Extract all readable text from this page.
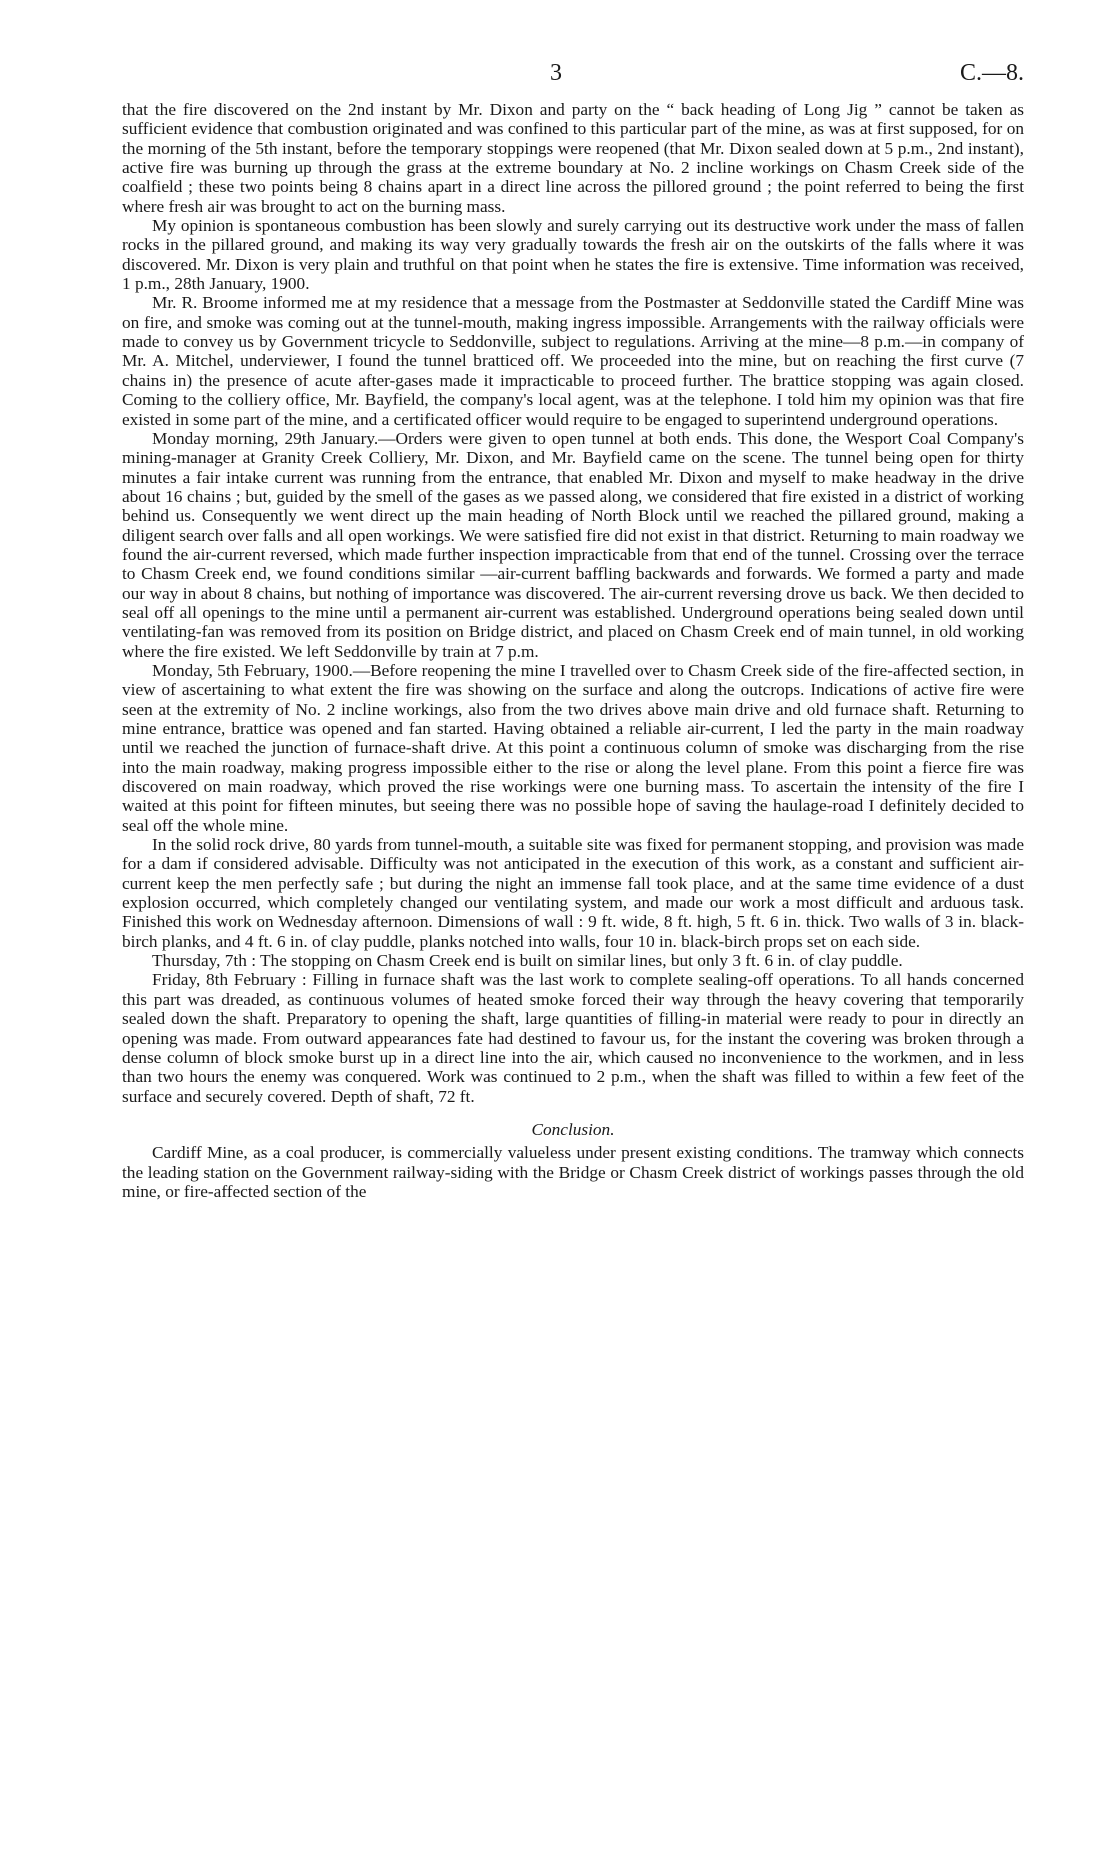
3	C.—8.

that the fire discovered on the 2nd instant by Mr. Dixon and party on the “ back heading of Long Jig ” cannot be taken as sufficient evidence that combustion originated and was confined to this particular part of the mine, as was at first supposed, for on the morning of the 5th instant, before the temporary stoppings were reopened (that Mr. Dixon sealed down at 5 p.m., 2nd instant), active fire was burning up through the grass at the extreme boundary at No. 2 incline workings on Chasm Creek side of the coalfield ; these two points being 8 chains apart in a direct line across the pillored ground ; the point referred to being the first where fresh air was brought to act on the burning mass.

My opinion is spontaneous combustion has been slowly and surely carrying out its destructive work under the mass of fallen rocks in the pillared ground, and making its way very gradually towards the fresh air on the outskirts of the falls where it was discovered. Mr. Dixon is very plain and truthful on that point when he states the fire is extensive. Time information was received, 1 p.m., 28th January, 1900.

Mr. R. Broome informed me at my residence that a message from the Postmaster at Seddonville stated the Cardiff Mine was on fire, and smoke was coming out at the tunnel-mouth, making ingress impossible. Arrangements with the railway officials were made to convey us by Government tricycle to Seddonville, subject to regulations. Arriving at the mine—8 p.m.—in company of Mr. A. Mitchel, underviewer, I found the tunnel bratticed off. We proceeded into the mine, but on reaching the first curve (7 chains in) the presence of acute after-gases made it impracticable to proceed further. The brattice stopping was again closed. Coming to the colliery office, Mr. Bayfield, the company's local agent, was at the telephone. I told him my opinion was that fire existed in some part of the mine, and a certificated officer would require to be engaged to superintend underground operations.

Monday morning, 29th January.—Orders were given to open tunnel at both ends. This done, the Wesport Coal Company's mining-manager at Granity Creek Colliery, Mr. Dixon, and Mr. Bayfield came on the scene. The tunnel being open for thirty minutes a fair intake current was running from the entrance, that enabled Mr. Dixon and myself to make headway in the drive about 16 chains ; but, guided by the smell of the gases as we passed along, we considered that fire existed in a district of working behind us. Consequently we went direct up the main heading of North Block until we reached the pillared ground, making a diligent search over falls and all open workings. We were satisfied fire did not exist in that district. Returning to main roadway we found the air-current reversed, which made further inspection impracticable from that end of the tunnel. Crossing over the terrace to Chasm Creek end, we found conditions similar —air-current baffling backwards and forwards. We formed a party and made our way in about 8 chains, but nothing of importance was discovered. The air-current reversing drove us back. We then decided to seal off all openings to the mine until a permanent air-current was established. Underground operations being sealed down until ventilating-fan was removed from its position on Bridge district, and placed on Chasm Creek end of main tunnel, in old working where the fire existed. We left Seddonville by train at 7 p.m.

Monday, 5th February, 1900.—Before reopening the mine I travelled over to Chasm Creek side of the fire-affected section, in view of ascertaining to what extent the fire was showing on the surface and along the outcrops. Indications of active fire were seen at the extremity of No. 2 incline workings, also from the two drives above main drive and old furnace shaft. Returning to mine entrance, brattice was opened and fan started. Having obtained a reliable air-current, I led the party in the main roadway until we reached the junction of furnace-shaft drive. At this point a continuous column of smoke was discharging from the rise into the main roadway, making progress impossible either to the rise or along the level plane. From this point a fierce fire was discovered on main roadway, which proved the rise workings were one burning mass. To ascertain the intensity of the fire I waited at this point for fifteen minutes, but seeing there was no possible hope of saving the haulage-road I definitely decided to seal off the whole mine.

In the solid rock drive, 80 yards from tunnel-mouth, a suitable site was fixed for permanent stopping, and provision was made for a dam if considered advisable. Difficulty was not anticipated in the execution of this work, as a constant and sufficient air-current keep the men perfectly safe ; but during the night an immense fall took place, and at the same time evidence of a dust explosion occurred, which completely changed our ventilating system, and made our work a most difficult and arduous task. Finished this work on Wednesday afternoon. Dimensions of wall : 9 ft. wide, 8 ft. high, 5 ft. 6 in. thick. Two walls of 3 in. black-birch planks, and 4 ft. 6 in. of clay puddle, planks notched into walls, four 10 in. black-birch props set on each side.

Thursday, 7th : The stopping on Chasm Creek end is built on similar lines, but only 3 ft. 6 in. of clay puddle.

Friday, 8th February : Filling in furnace shaft was the last work to complete sealing-off operations. To all hands concerned this part was dreaded, as continuous volumes of heated smoke forced their way through the heavy covering that temporarily sealed down the shaft. Preparatory to opening the shaft, large quantities of filling-in material were ready to pour in directly an opening was made. From outward appearances fate had destined to favour us, for the instant the covering was broken through a dense column of block smoke burst up in a direct line into the air, which caused no inconvenience to the workmen, and in less than two hours the enemy was conquered. Work was continued to 2 p.m., when the shaft was filled to within a few feet of the surface and securely covered. Depth of shaft, 72 ft.

Conclusion.

Cardiff Mine, as a coal producer, is commercially valueless under present existing conditions. The tramway which connects the leading station on the Government railway-siding with the Bridge or Chasm Creek district of workings passes through the old mine, or fire-affected section of the
